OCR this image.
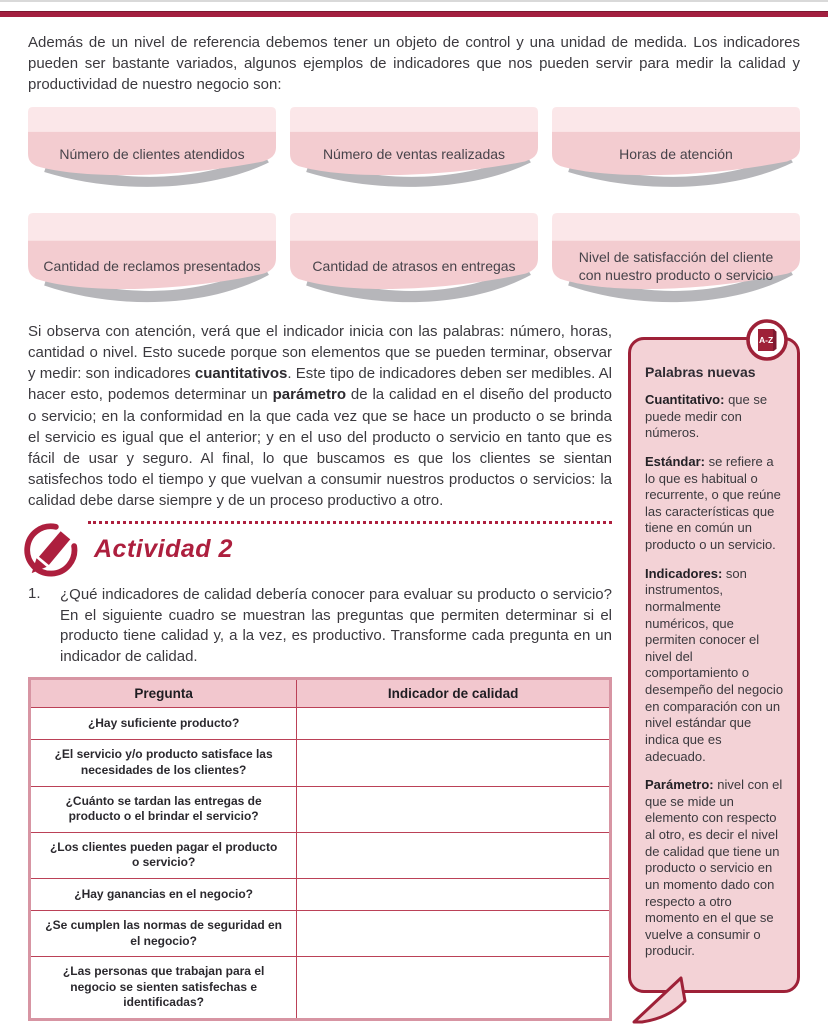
Además de un nivel de referencia debemos tener un objeto de control y una unidad de medida. Los indicadores pueden ser bastante variados, algunos ejemplos de indicadores que nos pueden servir para medir la calidad y productividad de nuestro negocio son:

Número de clientes atendidos	Número de ventas realizadas	Horas de atención
Cantidad de reclamos presentados	Cantidad de atrasos en entregas
Nivel de satisfacción del cliente con nuestro producto o servicio

Si observa con atención, verá que el indicador inicia con las palabras: número, horas, cantidad o nivel. Esto sucede porque son elementos que se pueden terminar, observar y medir: son indicadores cuantitativos. Este tipo de indicadores deben ser medibles. Al hacer esto, podemos determinar un parámetro de la calidad en el diseño del producto o servicio; en la conformidad en la que cada vez que se hace un producto o se brinda el servicio es igual que el anterior; y en el uso del producto o servicio en tanto que es fácil de usar y seguro. Al final, lo que buscamos es que los clientes se sientan satisfechos todo el tiempo y que vuelvan a consumir nuestros productos o servicios: la calidad debe darse siempre y de un proceso productivo a otro.

Actividad 2
1.	¿Qué indicadores de calidad debería conocer para evaluar su producto o servicio? En el siguiente cuadro se muestran las preguntas que permiten determinar si el producto tiene calidad y, a la vez, es productivo. Transforme cada pregunta en un indicador de calidad.
Pregunta	Indicador de calidad
¿Hay suficiente producto?	
¿El servicio y/o producto satisface las necesidades de los clientes?	
¿Cuánto se tardan las entregas de producto o el brindar el servicio?	
¿Los clientes pueden pagar el producto o servicio?	
¿Hay ganancias en el negocio?	
¿Se cumplen las normas de seguridad en el negocio?	
¿Las personas que trabajan para el negocio se sienten satisfechas e identificadas?	
A-Z
Palabras nuevas

Cuantitativo: que se puede medir con números.

Estándar: se refiere a lo que es habitual o recurrente, o que reúne las características que tiene en común un producto o un servicio.

Indicadores: son instrumentos, normalmente numéricos, que permiten conocer el nivel del comportamiento o desempeño del negocio en comparación con un nivel estándar que indica que es adecuado.

Parámetro: nivel con el que se mide un elemento con respecto al otro, es decir el nivel de calidad que tiene un producto o servicio en un momento dado con respecto a otro momento en el que se vuelve a consumir o producir.
